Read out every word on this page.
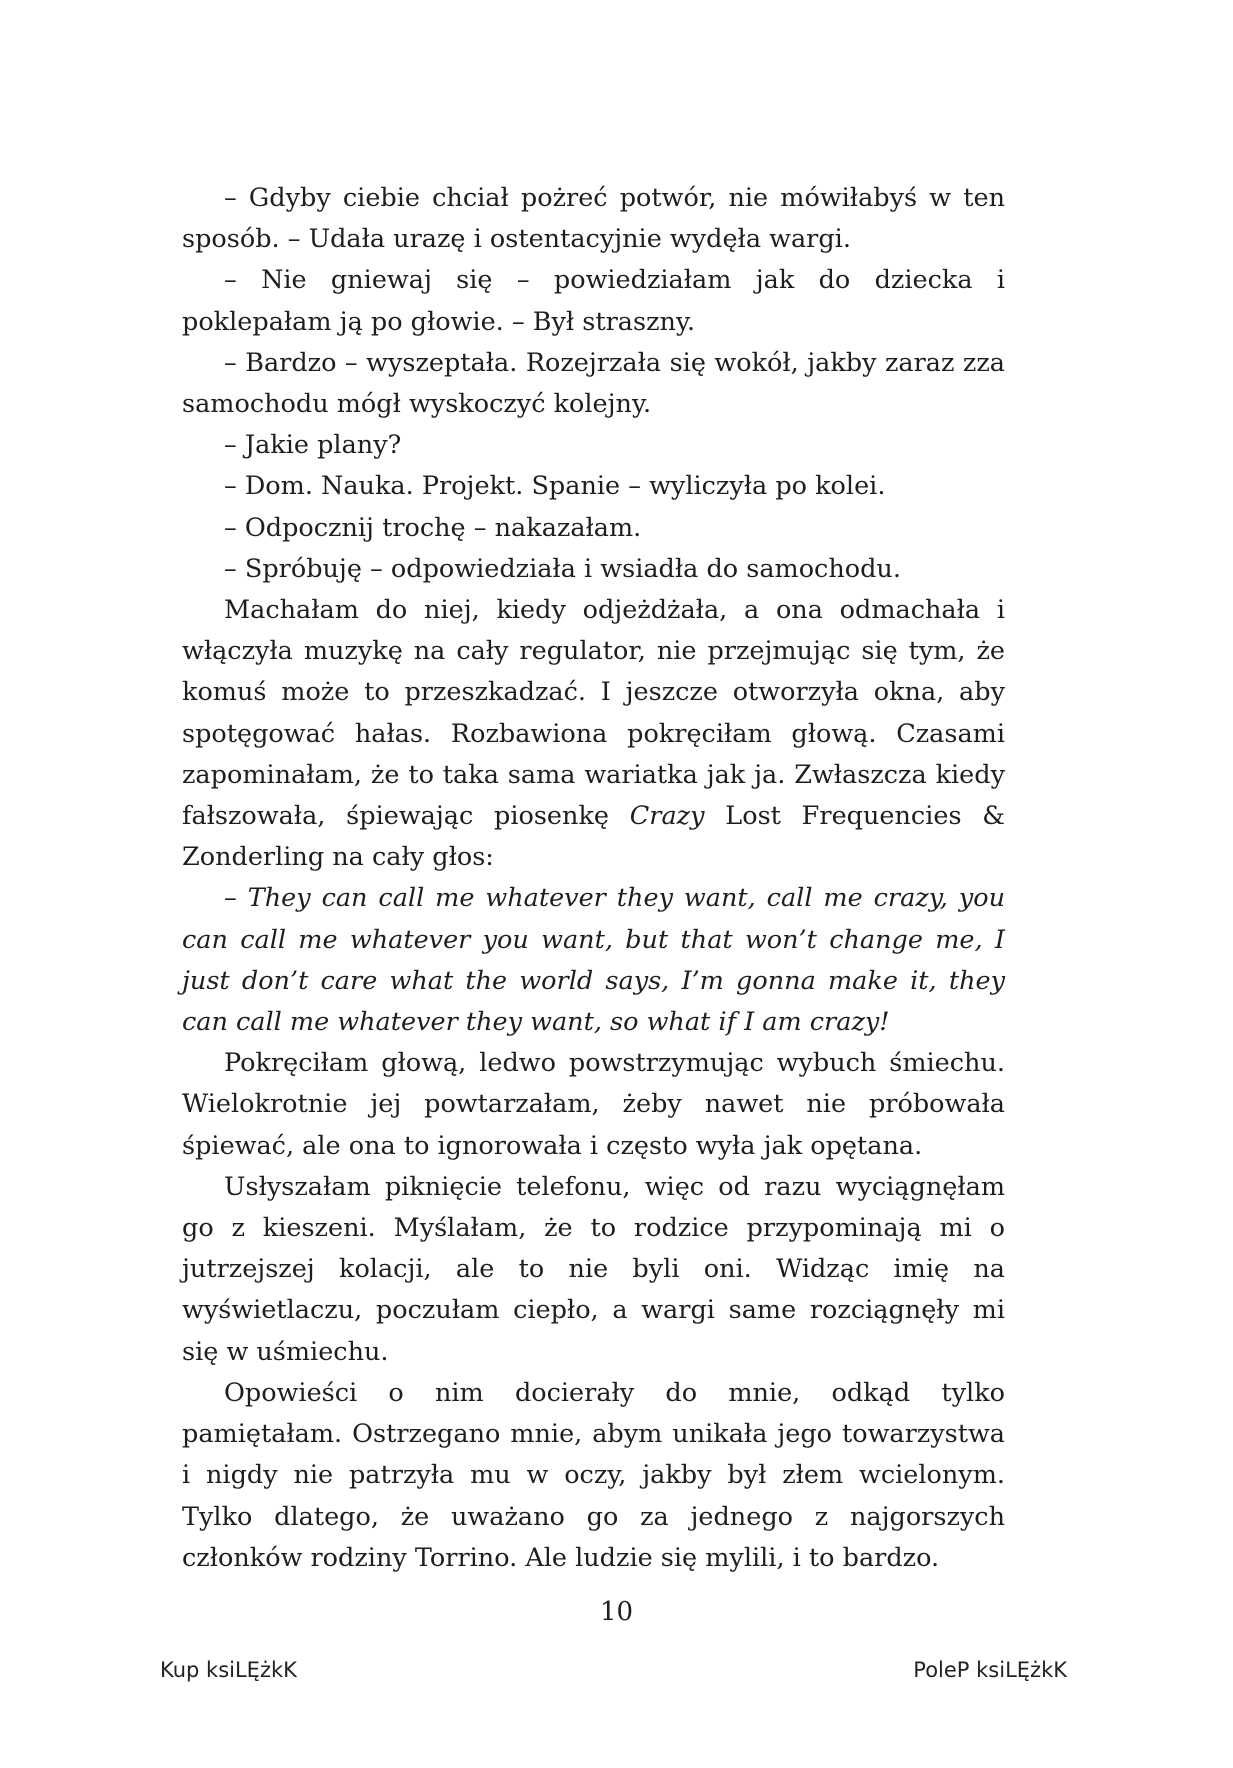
– Gdyby ciebie chciał pożreć potwór, nie mówiłabyś w ten sposób. – Udała urazę i ostentacyjnie wydęła wargi.

– Nie gniewaj się – powiedziałam jak do dziecka i poklepałam ją po głowie. – Był straszny.

– Bardzo – wyszeptała. Rozejrzała się wokół, jakby zaraz zza samochodu mógł wyskoczyć kolejny.

– Jakie plany?

– Dom. Nauka. Projekt. Spanie – wyliczyła po kolei.

– Odpocznij trochę – nakazałam.

– Spróbuję – odpowiedziała i wsiadła do samochodu.

Machałam do niej, kiedy odjeżdżała, a ona odmachała i włączyła muzykę na cały regulator, nie przejmując się tym, że komuś może to przeszkadzać. I jeszcze otworzyła okna, aby spotęgować hałas. Rozbawiona pokręciłam głową. Czasami zapominałam, że to taka sama wariatka jak ja. Zwłaszcza kiedy fałszowała, śpiewając piosenkę Crazy Lost Frequencies & Zonderling na cały głos:

– They can call me whatever they want, call me crazy, you can call me whatever you want, but that won’t change me, I just don’t care what the world says, I’m gonna make it, they can call me whatever they want, so what if I am crazy!

Pokręciłam głową, ledwo powstrzymując wybuch śmiechu. Wielokrotnie jej powtarzałam, żeby nawet nie próbowała śpiewać, ale ona to ignorowała i często wyła jak opętana.

Usłyszałam piknięcie telefonu, więc od razu wyciągnęłam go z kieszeni. Myślałam, że to rodzice przypominają mi o jutrzejszej kolacji, ale to nie byli oni. Widząc imię na wyświetlaczu, poczułam ciepło, a wargi same rozciągnęły mi się w uśmiechu.

Opowieści o nim docierały do mnie, odkąd tylko pamiętałam. Ostrzegano mnie, abym unikała jego towarzystwa i nigdy nie patrzyła mu w oczy, jakby był złem wcielonym. Tylko dlatego, że uważano go za jednego z najgorszych członków rodziny Torrino. Ale ludzie się mylili, i to bardzo.

10
Kup ksiLĘżkK	PoleP ksiLĘżkK
